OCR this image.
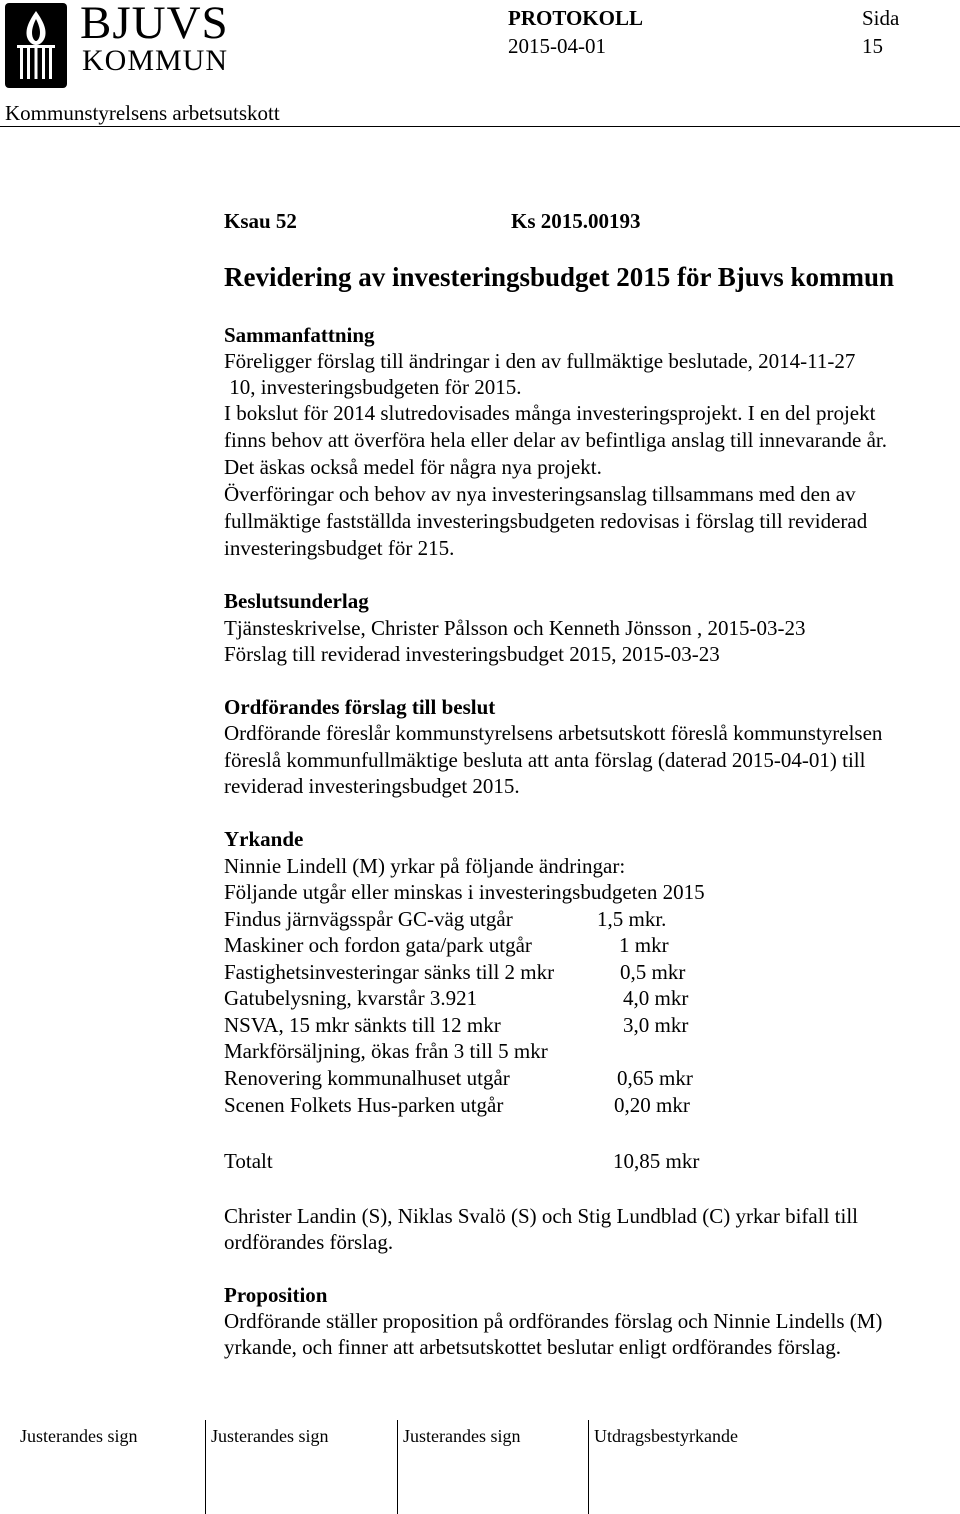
BJUVS
KOMMUN
PROTOKOLL
2015-04-01
Sida
15
Kommunstyrelsens arbetsutskott
Ksau 52	Ks 2015.00193
Revidering av investeringsbudget 2015 för Bjuvs kommun
Sammanfattning
Föreligger förslag till ändringar i den av fullmäktige beslutade, 2014-11-27
10, investeringsbudgeten för 2015.
I bokslut för 2014 slutredovisades många investeringsprojekt. I en del projekt
finns behov att överföra hela eller delar av befintliga anslag till innevarande år.
Det äskas också medel för några nya projekt.
Överföringar och behov av nya investeringsanslag tillsammans med den av
fullmäktige fastställda investeringsbudgeten redovisas i förslag till reviderad
investeringsbudget för 215.
Beslutsunderlag
Tjänsteskrivelse, Christer Pålsson och Kenneth Jönsson , 2015-03-23
Förslag till reviderad investeringsbudget 2015, 2015-03-23
Ordförandes förslag till beslut
Ordförande föreslår kommunstyrelsens arbetsutskott föreslå kommunstyrelsen
föreslå kommunfullmäktige besluta att anta förslag (daterad 2015-04-01) till
reviderad investeringsbudget 2015.
Yrkande
Ninnie Lindell (M) yrkar på följande ändringar:
Följande utgår eller minskas i investeringsbudgeten 2015
Findus järnvägsspår GC-väg utgår	1,5 mkr.
Maskiner och fordon gata/park utgår	1 mkr
Fastighetsinvesteringar sänks till 2 mkr	0,5 mkr
Gatubelysning, kvarstår 3.921	4,0 mkr
NSVA, 15 mkr sänkts till 12 mkr	3,0 mkr
Markförsäljning, ökas från 3 till 5 mkr
Renovering kommunalhuset utgår	0,65 mkr
Scenen Folkets Hus-parken utgår	0,20 mkr
Totalt	10,85 mkr
Christer Landin (S), Niklas Svalö (S) och Stig Lundblad (C) yrkar bifall till
ordförandes förslag.
Proposition
Ordförande ställer proposition på ordförandes förslag och Ninnie Lindells (M)
yrkande, och finner att arbetsutskottet beslutar enligt ordförandes förslag.
Justerandes sign	Justerandes sign	Justerandes sign	Utdragsbestyrkande
